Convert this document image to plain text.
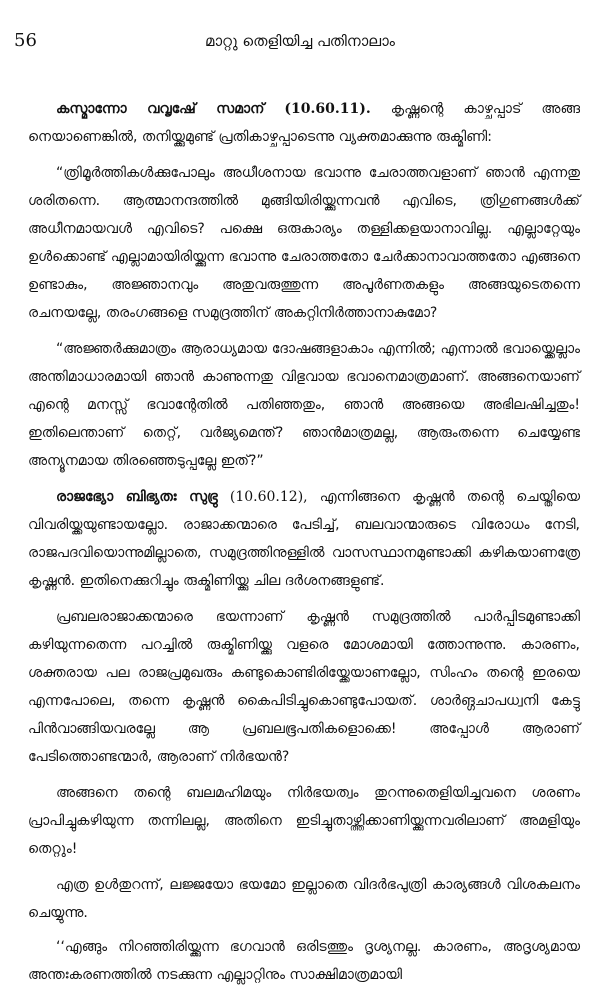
56	മാറ്റു തെളിയിച്ച പതിനാലാം

കസ്മാന്നോ വവൃഷേ് സമാന് (10.60.11). കൃഷ്ണന്റെ കാഴ്ചപ്പാട് അങ്ങ നെയാണെങ്കിൽ, തനിയ്ക്കുമുണ്ട് പ്രതികാഴ്ചപ്പാടെന്നു വ്യക്തമാക്കുന്നു രുക്മിണി:

“ത്രിമൂർത്തികൾക്കുപോലും അധീശനായ ഭവാന്നു ചേരാത്തവളാണ് ഞാൻ എന്നതു ശരിതന്നെ. ആത്മാനന്ദത്തിൽ മുങ്ങിയിരിയ്ക്കുന്നവൻ എവിടെ, ത്രിഗുണങ്ങൾക്ക് അധീനമായവൾ എവിടെ? പക്ഷെ ഒരുകാര്യം തള്ളിക്കളയാനാവില്ല. എല്ലാറ്റേയും ഉൾക്കൊണ്ട് എല്ലാമായിരിയ്ക്കുന്ന ഭവാന്നു ചേരാത്തതോ ചേർക്കാനാവാത്തതോ എങ്ങനെ ഉണ്ടാകും, അജ്ഞാനവും അതുവരുത്തുന്ന അപൂർണതകളും അങ്ങയുടെതന്നെ രചനയല്ലേ, തരംഗങ്ങളെ സമുദ്രത്തിന് അകറ്റിനിർത്താനാകുമോ?

“അജ്ഞർക്കുമാത്രം ആരാധ്യമായ ദോഷങ്ങളാകാം എന്നിൽ; എന്നാൽ ഭവായ്ക്കെല്ലാം അന്തിമാധാരമായി ഞാൻ കാണുന്നതു വിഭുവായ ഭവാനെമാത്രമാണ്. അങ്ങനെയാണ് എന്റെ മനസ്സ് ഭവാന്റേതിൽ പതിഞ്ഞതും, ഞാൻ അങ്ങയെ അഭിലഷിച്ചതും! ഇതിലെന്താണ് തെറ്റ്, വർജ്യമെന്ത്? ഞാൻമാത്രമല്ല, ആരുംതന്നെ ചെയ്യേണ്ട അന്യൂനമായ തിരഞ്ഞെടുപ്പല്ലേ ഇത്?”

രാജഭ്യോ ബിഭ്യതഃ സുഭ്രു (10.60.12), എന്നിങ്ങനെ കൃഷ്ണൻ തന്റെ ചെയ്തിയെ വിവരിയ്ക്കയുണ്ടായല്ലോ. രാജാക്കന്മാരെ പേടിച്ച്, ബലവാന്മാരുടെ വിരോധം നേടി, രാജപദവിയൊന്നുമില്ലാതെ, സമുദ്രത്തിനുള്ളിൽ വാസസ്ഥാനമുണ്ടാക്കി കഴികയാണത്രേ കൃഷ്ണൻ. ഇതിനെക്കുറിച്ചും രുക്മിണിയ്ക്കു ചില ദർശനങ്ങളുണ്ട്.

പ്രബലരാജാക്കന്മാരെ ഭയന്നാണ് കൃഷ്ണൻ സമുദ്രത്തിൽ പാർപ്പിടമുണ്ടാക്കി കഴിയുന്നതെന്ന പറച്ചിൽ രുക്മിണിയ്ക്കു വളരെ മോശമായി ത്തോന്നുന്നു. കാരണം, ശക്തരായ പല രാജപ്രമുഖരും കണ്ടുകൊണ്ടിരിയ്ക്കേയാണല്ലോ, സിംഹം തന്റെ ഇരയെ എന്നപോലെ, തന്നെ കൃഷ്ണൻ കൈപിടിച്ചുകൊണ്ടുപോയത്. ശാർങ്ഗചാപധ്വനി കേട്ടു പിൻവാങ്ങിയവരല്ലേ ആ പ്രബലഭൂപതികളൊക്കെ! അപ്പോൾ ആരാണ് പേടിത്തൊണ്ടന്മാർ, ആരാണ് നിർഭയൻ?

അങ്ങനെ തന്റെ ബലമഹിമയും നിർഭയത്വം തുറന്നുതെളിയിച്ചവനെ ശരണം പ്രാപിച്ചുകഴിയുന്ന തന്നിലല്ല, അതിനെ ഇടിച്ചുതാഴ്ത്തിക്കാണിയ്ക്കുന്നവരിലാണ് അമളിയും തെറ്റും!

എത്ര ഉൾതുറന്ന്, ലജ്ജയോ ഭയമോ ഇല്ലാതെ വിദർഭപുത്രി കാര്യങ്ങൾ വിശകലനം ചെയ്യുന്നു.

‘‘എങ്ങും നിറഞ്ഞിരിയ്ക്കുന്ന ഭഗവാൻ ഒരിടത്തും ദൃശ്യനല്ല. കാരണം, അദൃശ്യമായ അന്തഃകരണത്തിൽ നടക്കുന്ന എല്ലാറ്റിനും സാക്ഷിമാത്രമായി
